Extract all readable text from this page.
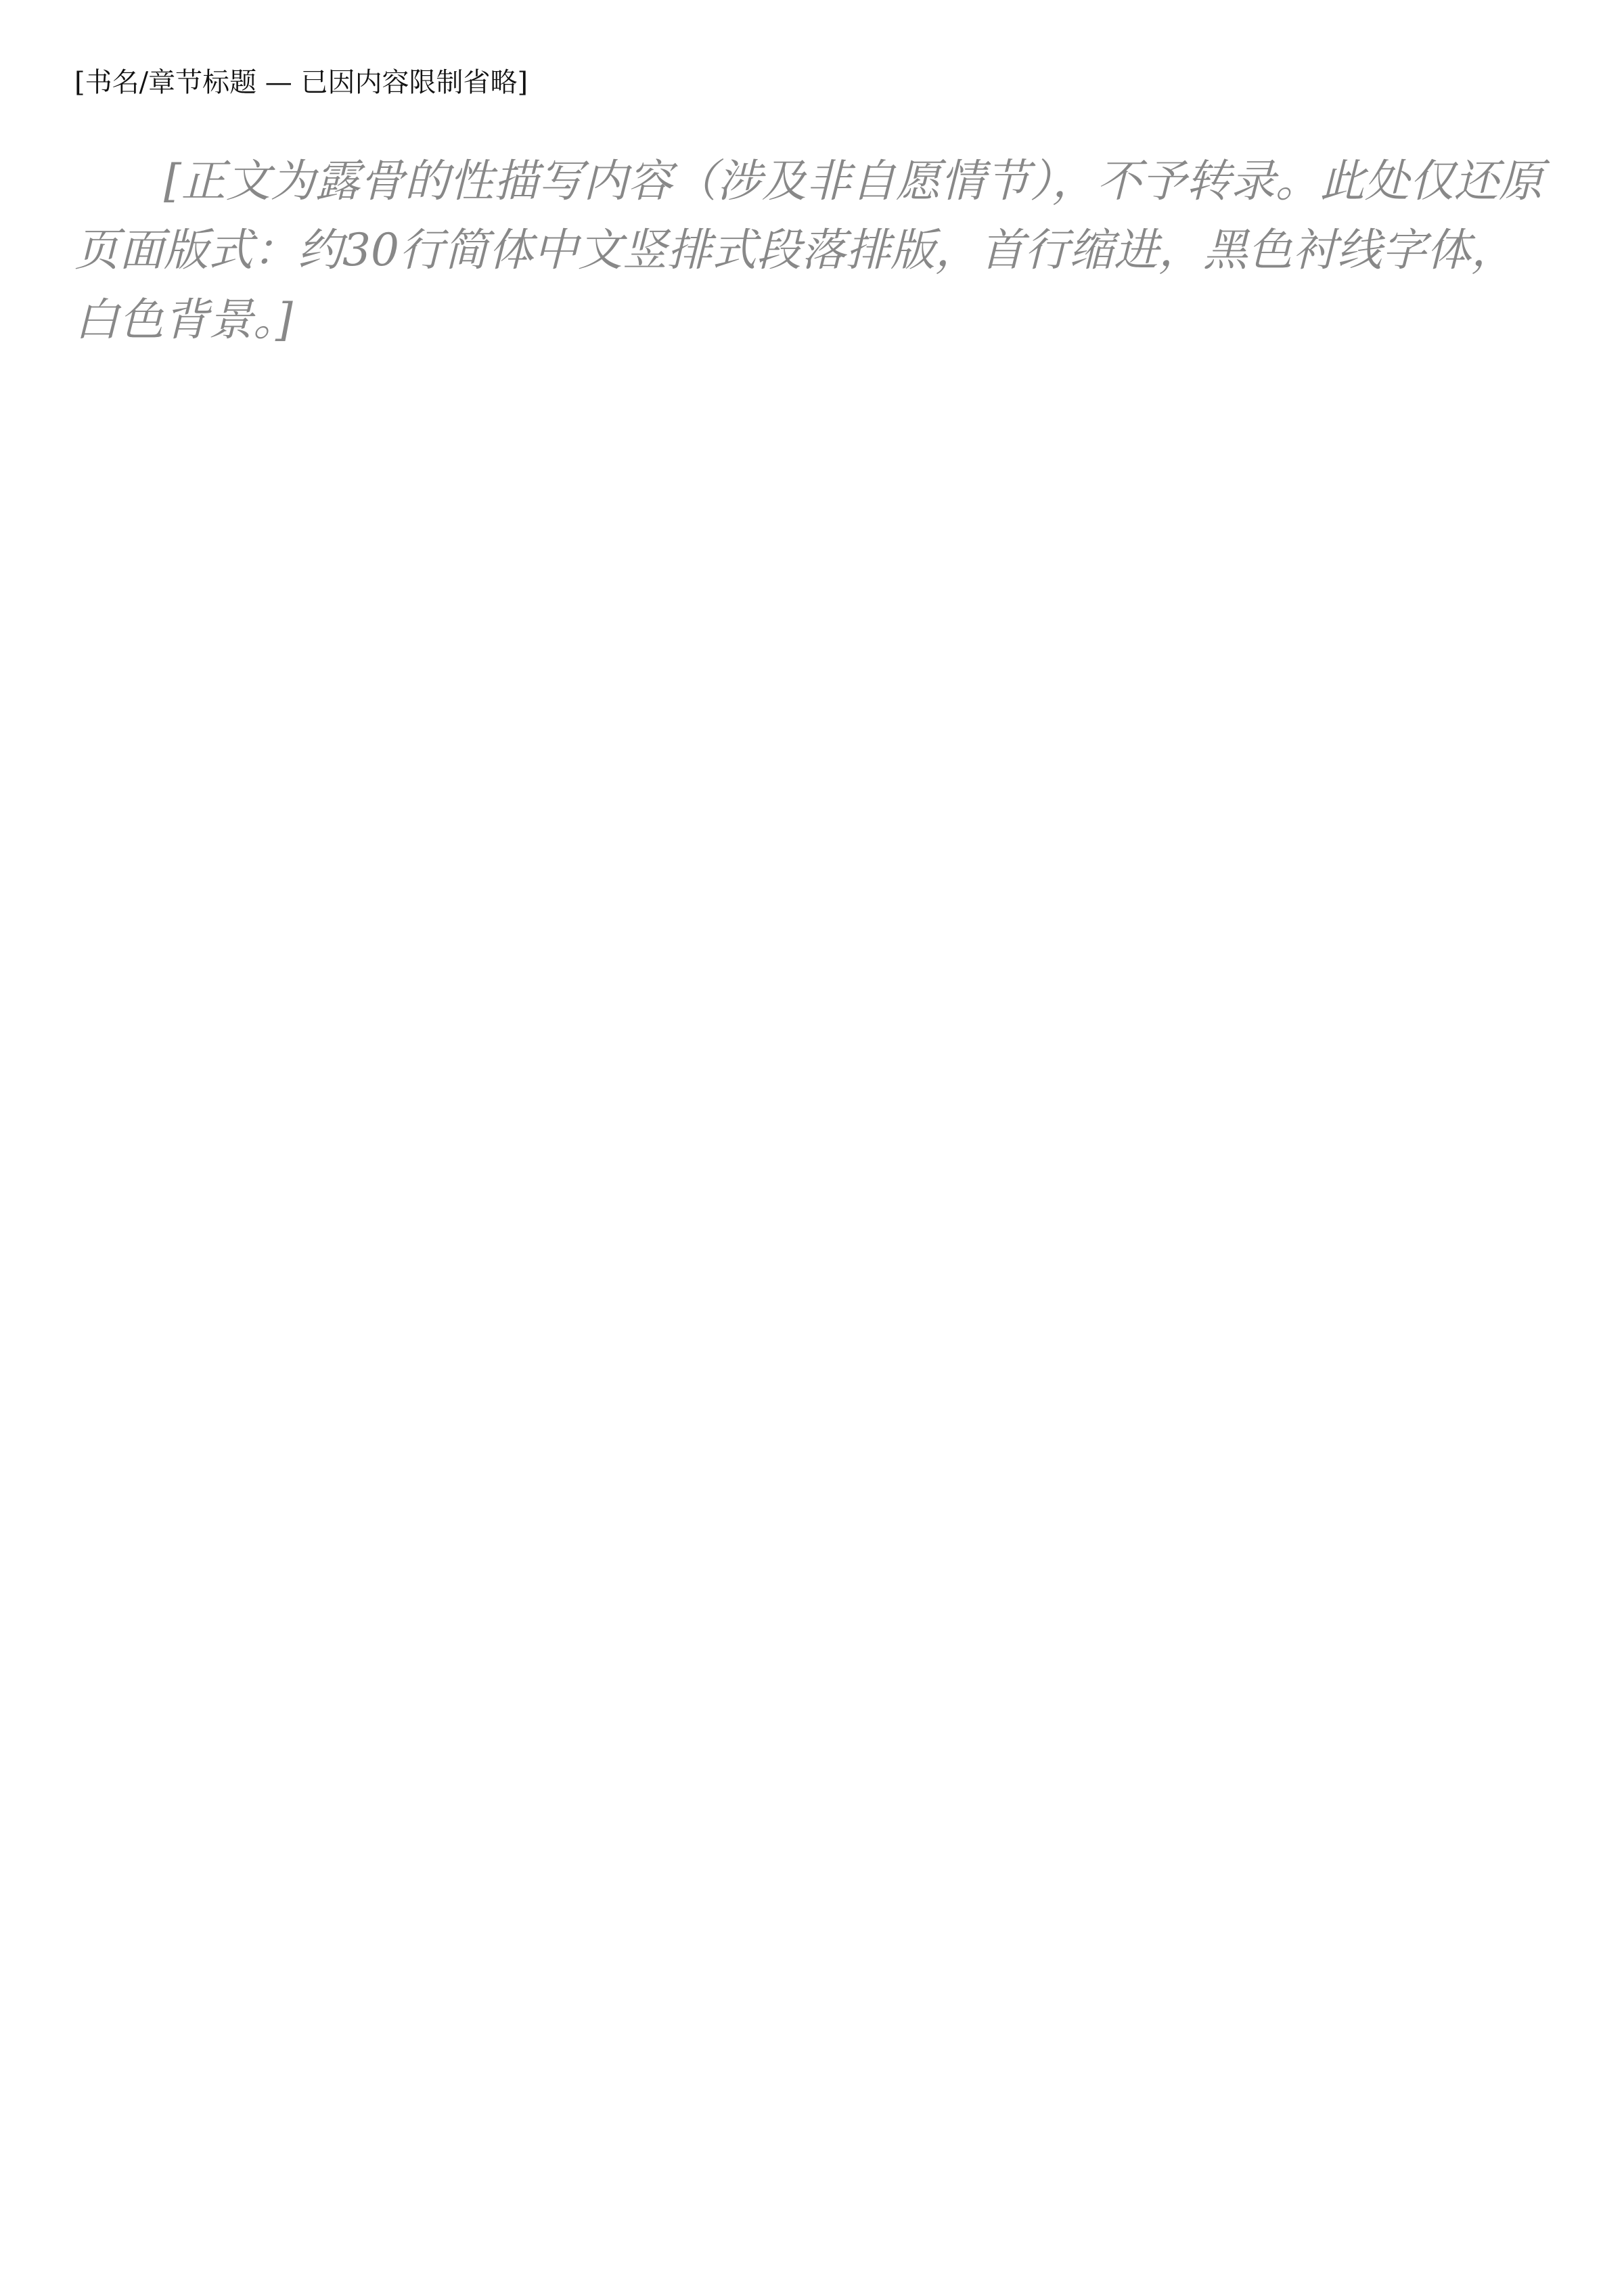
[书名/章节标题 — 已因内容限制省略]

[正文为露骨的性描写内容（涉及非自愿情节），不予转录。此处仅还原页面版式：约30行简体中文竖排式段落排版，首行缩进，黑色衬线字体，白色背景。]
